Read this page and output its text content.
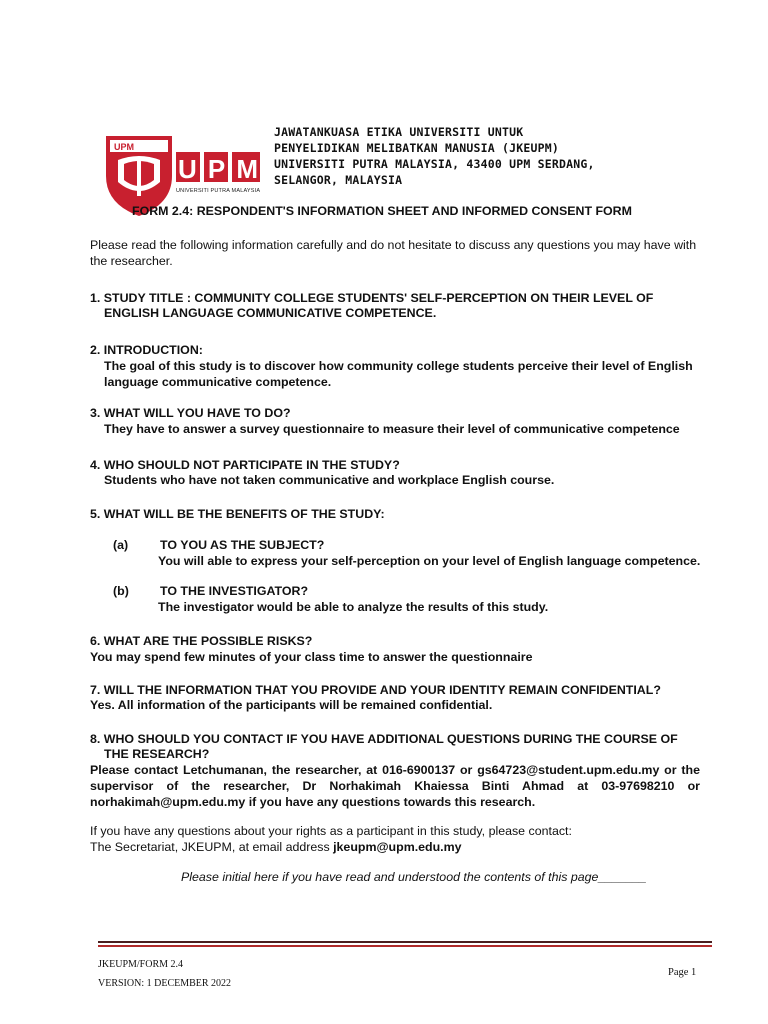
UPM
UPM
UNIVERSITI PUTRA MALAYSIA
JAWATANKUASA ETIKA UNIVERSITI UNTUK
PENYELIDIKAN MELIBATKAN MANUSIA (JKEUPM)
UNIVERSITI PUTRA MALAYSIA, 43400 UPM SERDANG,
SELANGOR, MALAYSIA
FORM 2.4: RESPONDENT'S INFORMATION SHEET AND INFORMED CONSENT FORM
Please read the following information carefully and do not hesitate to discuss any questions you may have with the researcher.
1. STUDY TITLE : COMMUNITY COLLEGE STUDENTS' SELF-PERCEPTION ON THEIR LEVEL OF
ENGLISH LANGUAGE COMMUNICATIVE COMPETENCE.
2. INTRODUCTION:
The goal of this study is to discover how community college students perceive their level of English language communicative competence.
3. WHAT WILL YOU HAVE TO DO?
They have to answer a survey questionnaire to measure their level of communicative competence
4. WHO SHOULD NOT PARTICIPATE IN THE STUDY?
Students who have not taken communicative and workplace English course.
5. WHAT WILL BE THE BENEFITS OF THE STUDY:
(a)	TO YOU AS THE SUBJECT?
You will able to express your self-perception on your level of English language competence.
(b)	TO THE INVESTIGATOR?
The investigator would be able to analyze the results of this study.
6. WHAT ARE THE POSSIBLE RISKS?
You may spend few minutes of your class time to answer the questionnaire
7. WILL THE INFORMATION THAT YOU PROVIDE AND YOUR IDENTITY REMAIN CONFIDENTIAL?
Yes. All information of the participants will be remained confidential.
8. WHO SHOULD YOU CONTACT IF YOU HAVE ADDITIONAL QUESTIONS DURING THE COURSE OF
THE RESEARCH?
Please contact Letchumanan, the researcher, at 016-6900137 or gs64723@student.upm.edu.my or the supervisor of the researcher, Dr Norhakimah Khaiessa Binti Ahmad at 03-97698210 or norhakimah@upm.edu.my if you have any questions towards this research.
If you have any questions about your rights as a participant in this study, please contact:
The Secretariat, JKEUPM, at email address jkeupm@upm.edu.my
Please initial here if you have read and understood the contents of this page_______
JKEUPM/FORM 2.4
VERSION: 1 DECEMBER 2022
Page 1
